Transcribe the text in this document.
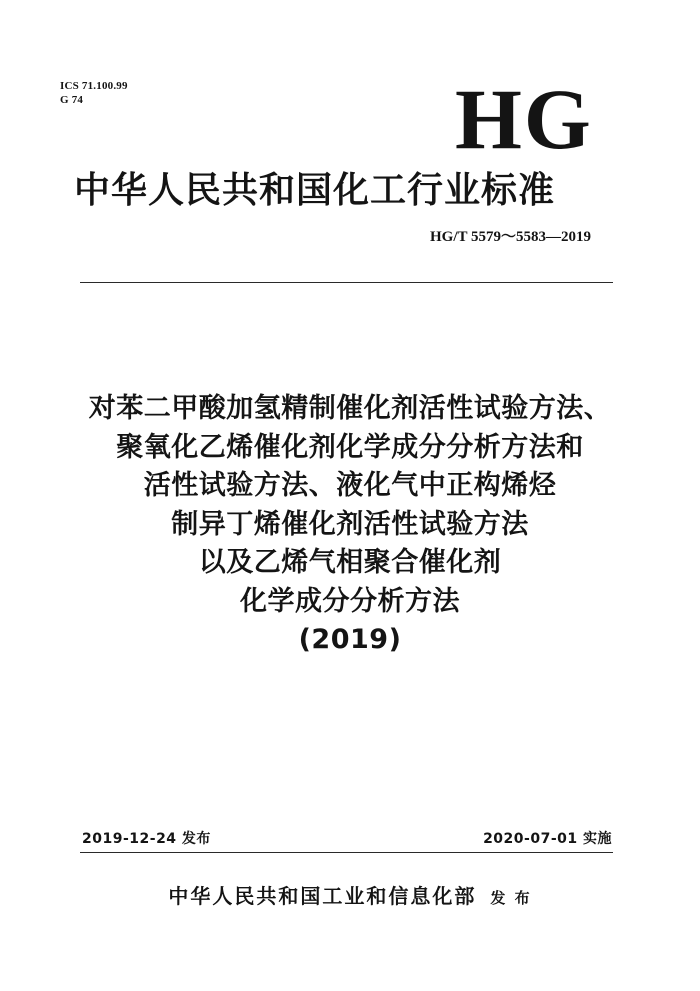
ICS 71.100.99
G 74	HG
中华人民共和国化工行业标准
HG/T 5579～5583—2019
对苯二甲酸加氢精制催化剂活性试验方法、
聚氧化乙烯催化剂化学成分分析方法和
活性试验方法、液化气中正构烯烃
制异丁烯催化剂活性试验方法
以及乙烯气相聚合催化剂
化学成分分析方法
(2019)
2019-12-24 发布	2020-07-01 实施
中华人民共和国工业和信息化部 发 布
